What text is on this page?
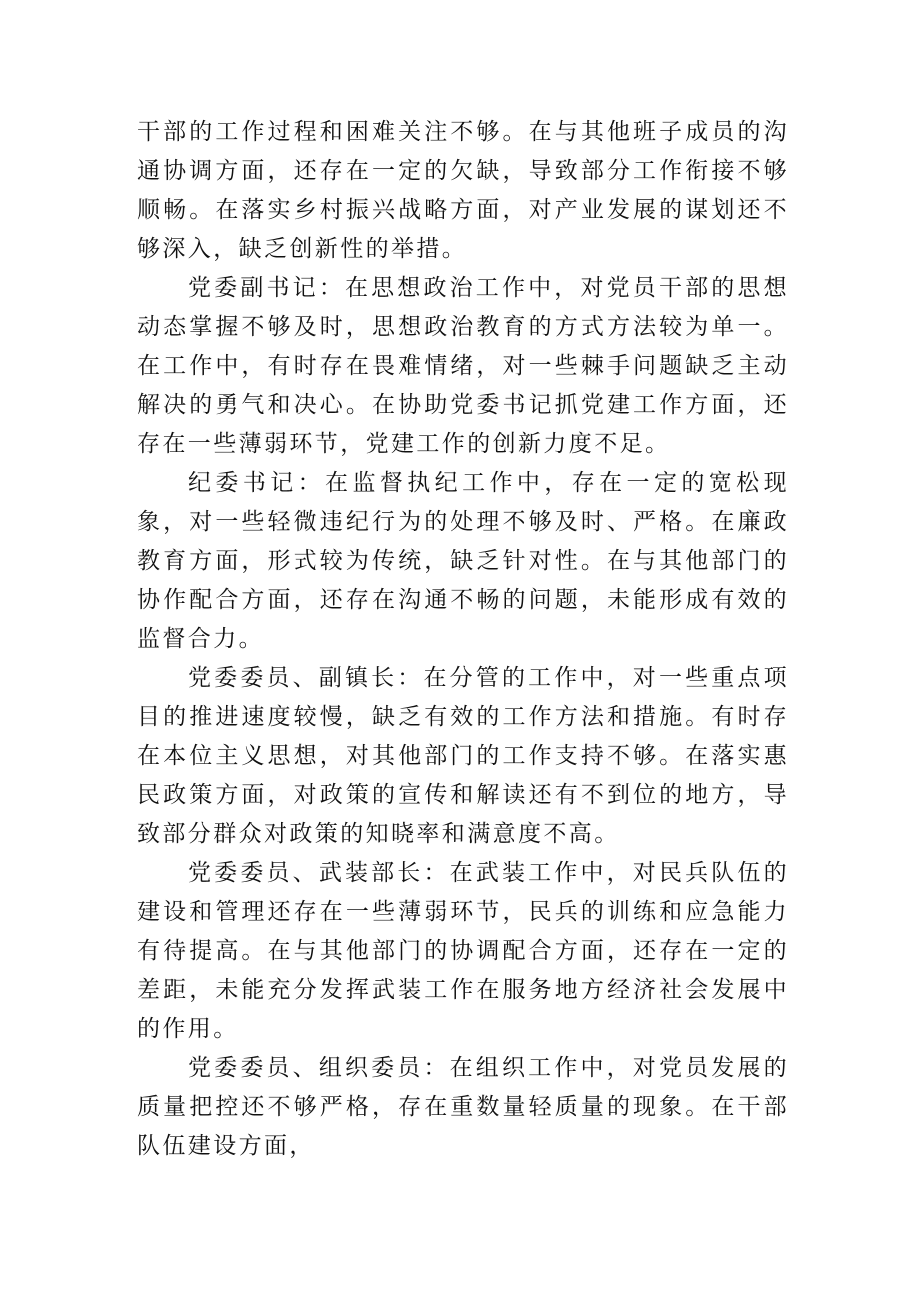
干部的工作过程和困难关注不够。在与其他班子成员的沟通协调方面，还存在一定的欠缺，导致部分工作衔接不够顺畅。在落实乡村振兴战略方面，对产业发展的谋划还不够深入，缺乏创新性的举措。

党委副书记：在思想政治工作中，对党员干部的思想动态掌握不够及时，思想政治教育的方式方法较为单一。在工作中，有时存在畏难情绪，对一些棘手问题缺乏主动解决的勇气和决心。在协助党委书记抓党建工作方面，还存在一些薄弱环节，党建工作的创新力度不足。

纪委书记：在监督执纪工作中，存在一定的宽松现象，对一些轻微违纪行为的处理不够及时、严格。在廉政教育方面，形式较为传统，缺乏针对性。在与其他部门的协作配合方面，还存在沟通不畅的问题，未能形成有效的监督合力。

党委委员、副镇长：在分管的工作中，对一些重点项目的推进速度较慢，缺乏有效的工作方法和措施。有时存在本位主义思想，对其他部门的工作支持不够。在落实惠民政策方面，对政策的宣传和解读还有不到位的地方，导致部分群众对政策的知晓率和满意度不高。

党委委员、武装部长：在武装工作中，对民兵队伍的建设和管理还存在一些薄弱环节，民兵的训练和应急能力有待提高。在与其他部门的协调配合方面，还存在一定的差距，未能充分发挥武装工作在服务地方经济社会发展中的作用。

党委委员、组织委员：在组织工作中，对党员发展的质量把控还不够严格，存在重数量轻质量的现象。在干部队伍建设方面，
